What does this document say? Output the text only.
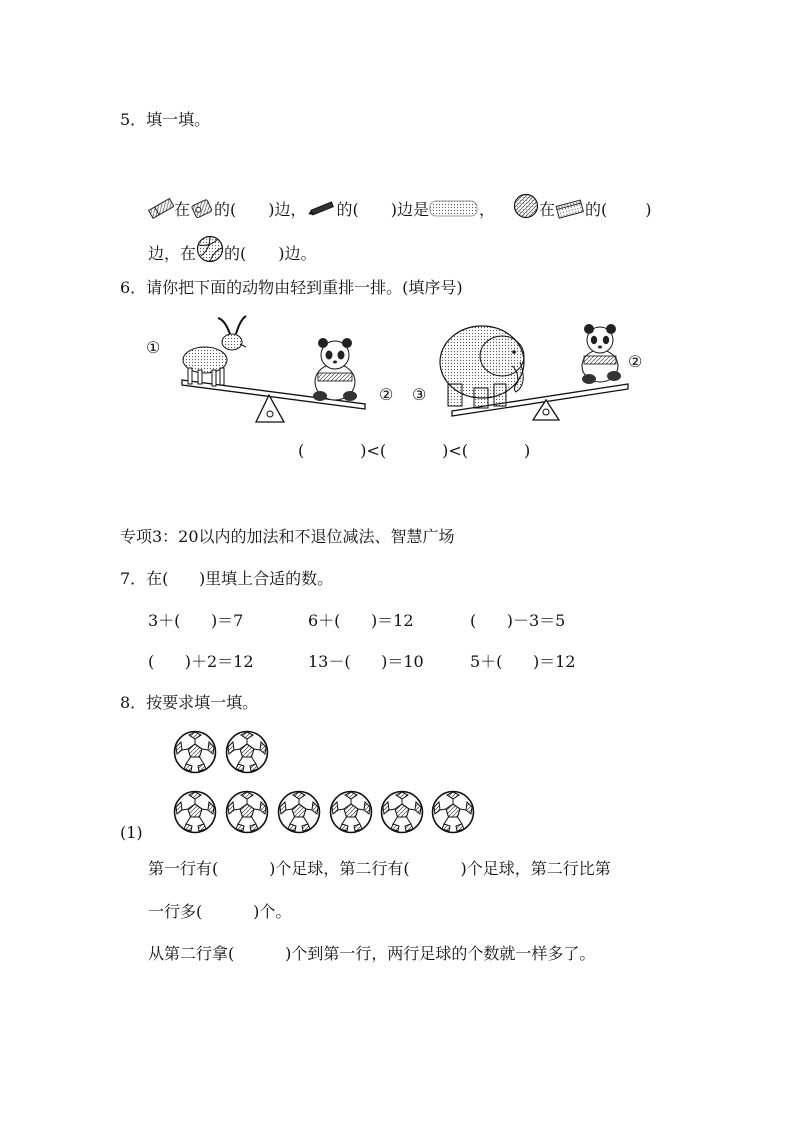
5．填一填。
在 的( )边， 的( )边是	，	在 的( )
边，在 的( )边。
6．请你把下面的动物由轻到重排一排。(填序号)
①
② ③
②
(	)<(	)<(	)
专项3：20以内的加法和不退位减法、智慧广场
7．在(      )里填上合适的数。
3＋(      )＝7	6＋(      )＝12	(      )－3＝5
(      )＋2＝12	13－(      )＝10	5＋(      )＝12
8．按要求填一填。
(1)
第一行有(          )个足球，第二行有(          )个足球，第二行比第
一行多(          )个。
从第二行拿(          )个到第一行，两行足球的个数就一样多了。
